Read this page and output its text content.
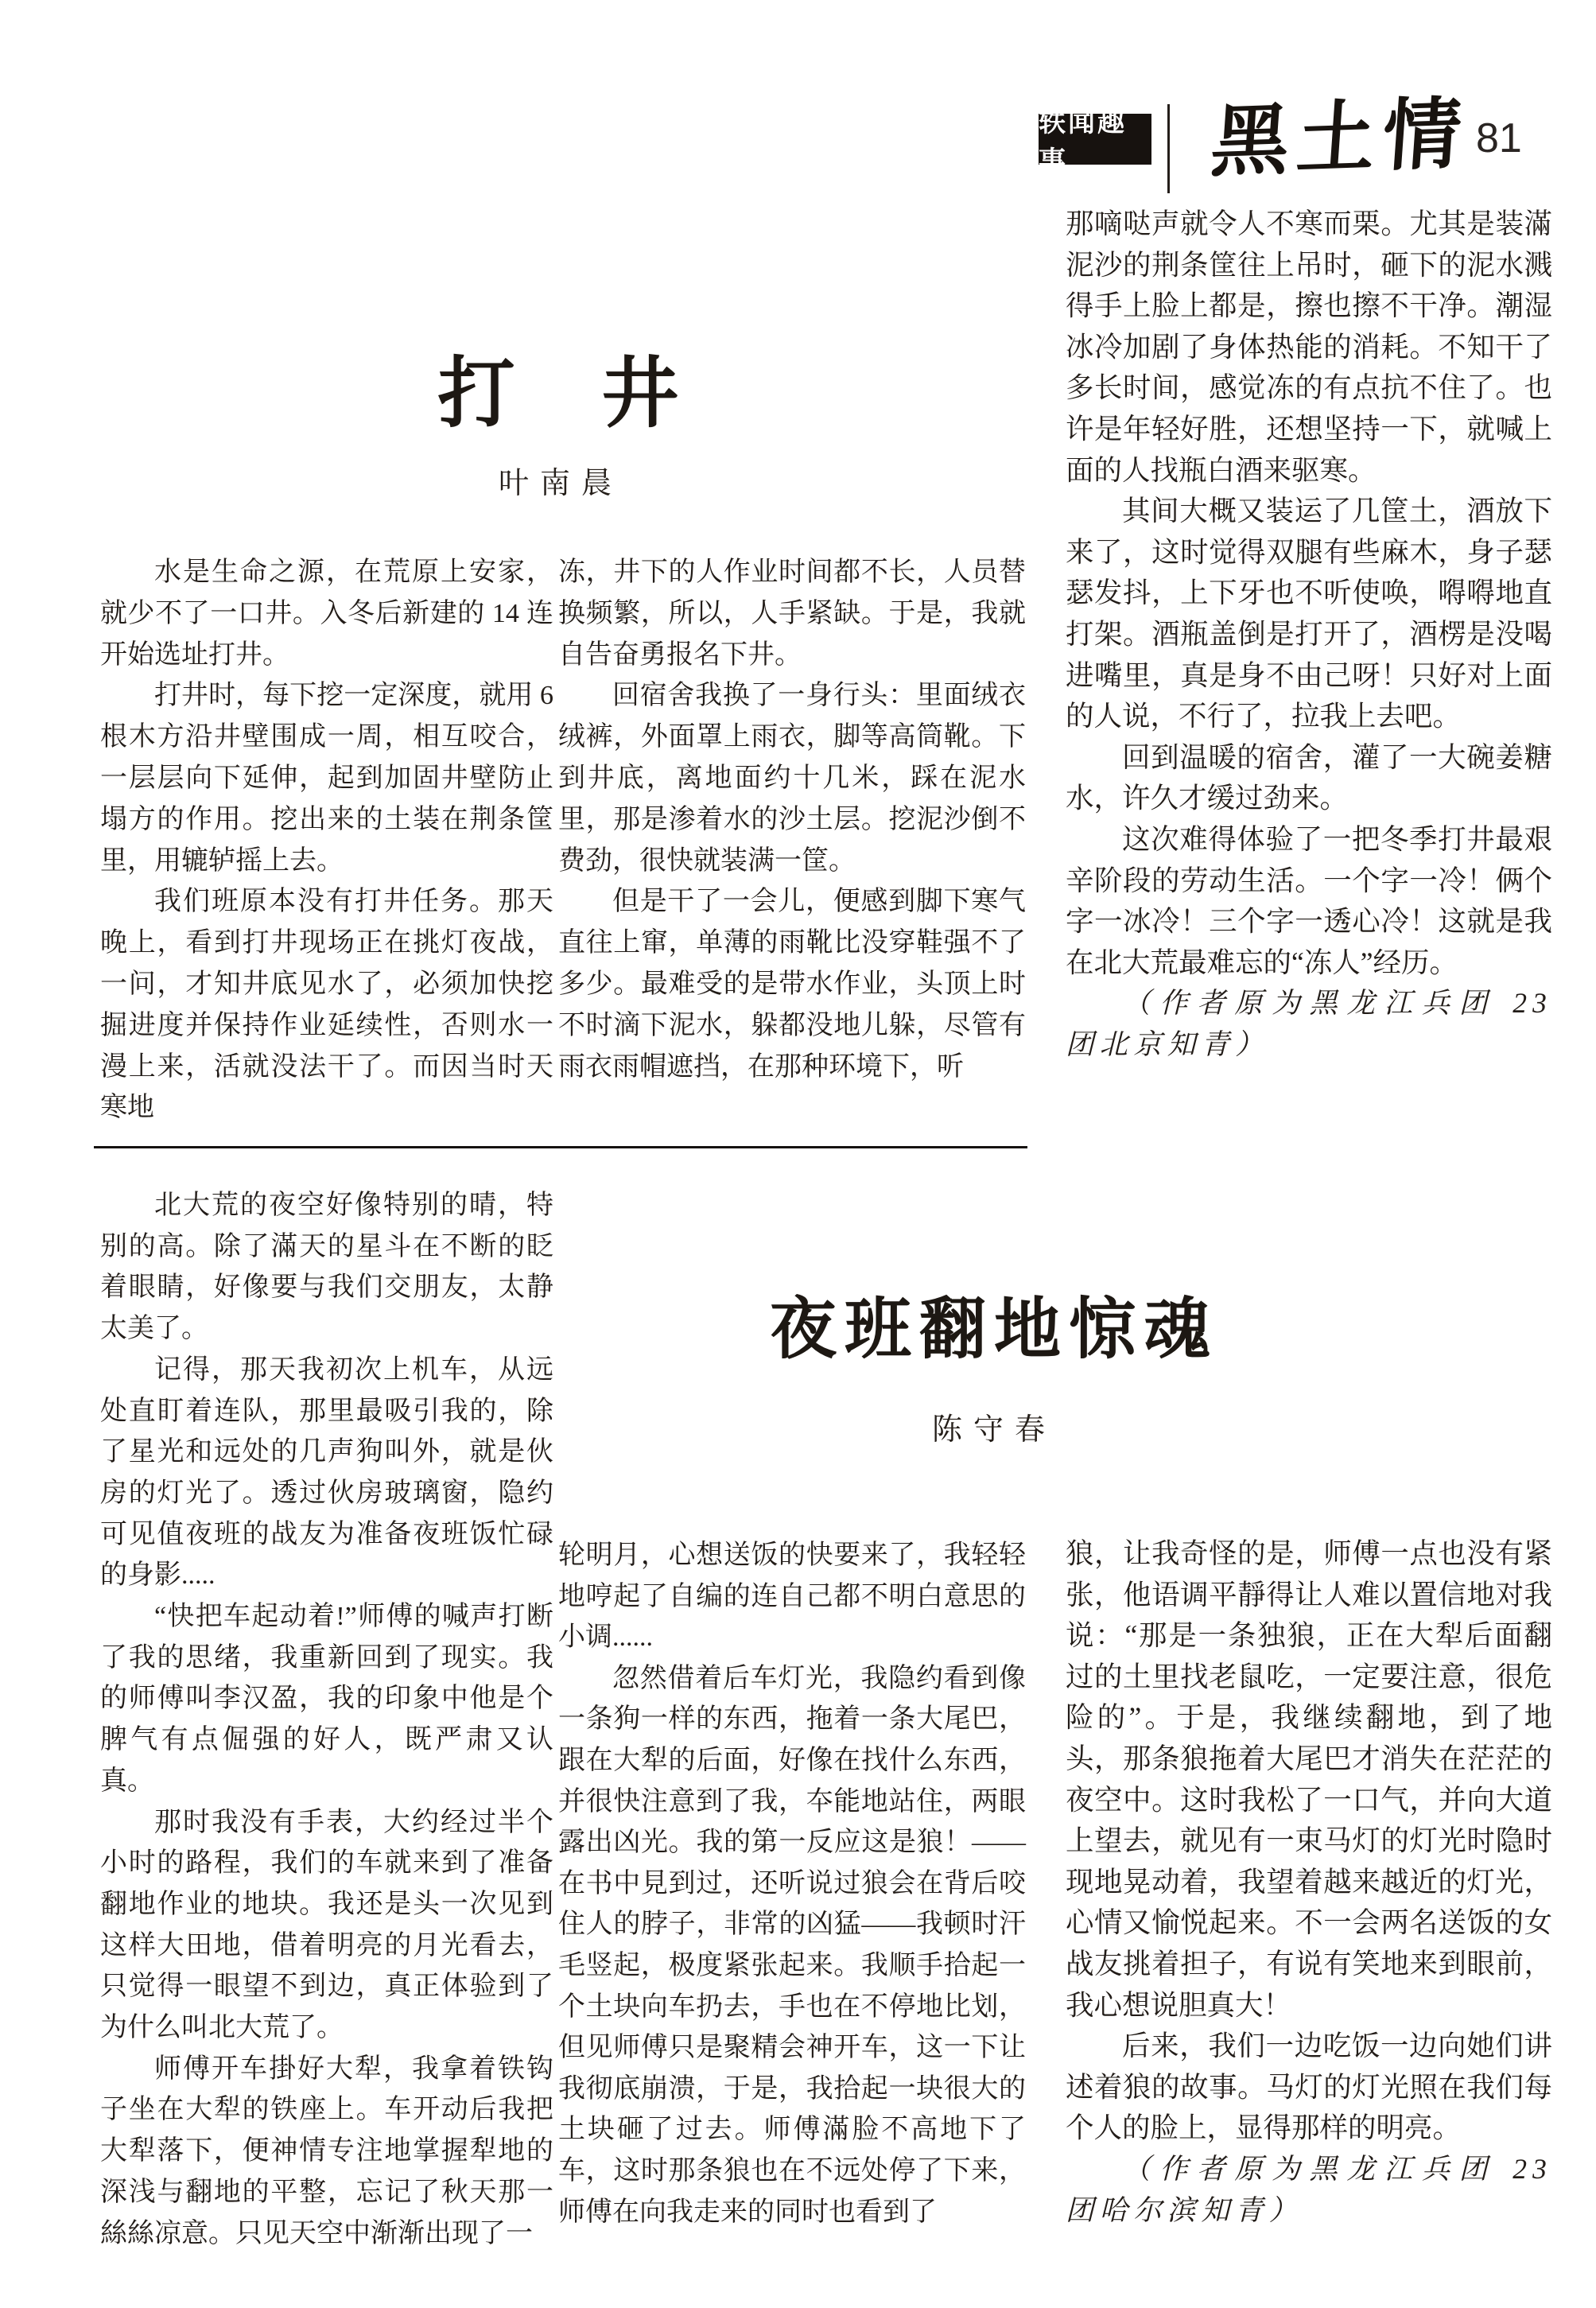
轶闻趣事	黑土情 81
打　井
叶南晨

水是生命之源，在荒原上安家，就少不了一口井。入冬后新建的 14 连开始选址打井。

打井时，每下挖一定深度，就用 6 根木方沿井壁围成一周，相互咬合，一层层向下延伸，起到加固井壁防止塌方的作用。挖出来的土装在荆条筐里，用辘轳摇上去。

我们班原本没有打井任务。那天晚上，看到打井现场正在挑灯夜战，一问，才知井底见水了，必须加快挖掘进度并保持作业延续性，否则水一漫上来，活就没法干了。而因当时天寒地

冻，井下的人作业时间都不长，人员替换频繁，所以，人手紧缺。于是，我就自告奋勇报名下井。

回宿舍我换了一身行头：里面绒衣绒裤，外面罩上雨衣，脚等高筒靴。下到井底，离地面约十几米，踩在泥水里，那是渗着水的沙土层。挖泥沙倒不费劲，很快就装满一筐。

但是干了一会儿，便感到脚下寒气直往上窜，单薄的雨靴比没穿鞋强不了多少。最难受的是带水作业，头顶上时不时滴下泥水，躲都没地儿躲，尽管有雨衣雨帽遮挡，在那种环境下，听

那嘀哒声就令人不寒而栗。尤其是装滿泥沙的荆条筐往上吊时，砸下的泥水溅得手上脸上都是，擦也擦不干净。潮湿冰冷加剧了身体热能的消耗。不知干了多长时间，感觉冻的有点抗不住了。也许是年轻好胜，还想坚持一下，就喊上面的人找瓶白酒来驱寒。

其间大概又装运了几筐土，酒放下来了，这时觉得双腿有些麻木，身子瑟瑟发抖，上下牙也不听使唤，嘚嘚地直打架。酒瓶盖倒是打开了，酒楞是没喝进嘴里，真是身不由己呀！只好对上面的人说，不行了，拉我上去吧。

回到温暖的宿舍，灌了一大碗姜糖水，许久才缓过劲来。

这次难得体验了一把冬季打井最艰辛阶段的劳动生活。一个字一冷！俩个字一冰冷！三个字一透心冷！这就是我在北大荒最难忘的“冻人”经历。

（作者原为黑龙江兵团 23 团北京知青）

北大荒的夜空好像特别的晴，特别的高。除了滿天的星斗在不断的眨着眼睛，好像要与我们交朋友，太静太美了。

记得，那天我初次上机车，从远处直盯着连队，那里最吸引我的，除了星光和远处的几声狗叫外，就是伙房的灯光了。透过伙房玻璃窗，隐约可见值夜班的战友为准备夜班饭忙碌的身影.....

“快把车起动着!”师傅的喊声打断了我的思绪，我重新回到了现实。我的师傅叫李汉盈，我的印象中他是个脾气有点倔强的好人，既严肃又认真。

那时我没有手表，大约经过半个小时的路程，我们的车就来到了准备翻地作业的地块。我还是头一次见到这样大田地，借着明亮的月光看去，只觉得一眼望不到边，真正体验到了为什么叫北大荒了。

师傅开车掛好大犁，我拿着铁钩子坐在大犁的铁座上。车开动后我把大犁落下，便神情专注地掌握犁地的深浅与翻地的平整，忘记了秋天那一絲絲凉意。只见天空中渐渐出现了一

夜班翻地惊魂
陈守春

轮明月，心想送饭的快要来了，我轻轻地哼起了自编的连自己都不明白意思的小调......

忽然借着后车灯光，我隐约看到像一条狗一样的东西，拖着一条大尾巴，跟在大犁的后面，好像在找什么东西，并很快注意到了我，夲能地站住，两眼露出凶光。我的第一反应这是狼！——在书中見到过，还听说过狼会在背后咬住人的脖子，非常的凶猛——我顿时汗毛竖起，极度紧张起来。我顺手拾起一个土块向车扔去，手也在不停地比划，但见师傅只是聚精会神开车，这一下让我彻底崩溃，于是，我拾起一块很大的土块砸了过去。师傅滿脸不高地下了车，这时那条狼也在不远处停了下来，师傅在向我走来的同时也看到了

狼，让我奇怪的是，师傅一点也没有紧张，他语调平靜得让人难以置信地对我说：“那是一条独狼，正在大犁后面翻过的土里找老鼠吃，一定要注意，很危险的”。于是，我继续翻地，到了地头，那条狼拖着大尾巴才消失在茫茫的夜空中。这时我松了一口气，并向大道上望去，就见有一束马灯的灯光时隐时现地晃动着，我望着越来越近的灯光，心情又愉悦起来。不一会两名送饭的女战友挑着担子，有说有笑地来到眼前，我心想说胆真大！

后来，我们一边吃饭一边向她们讲述着狼的故事。马灯的灯光照在我们每个人的脸上，显得那样的明亮。

（作者原为黑龙江兵团 23 团哈尔滨知青）
